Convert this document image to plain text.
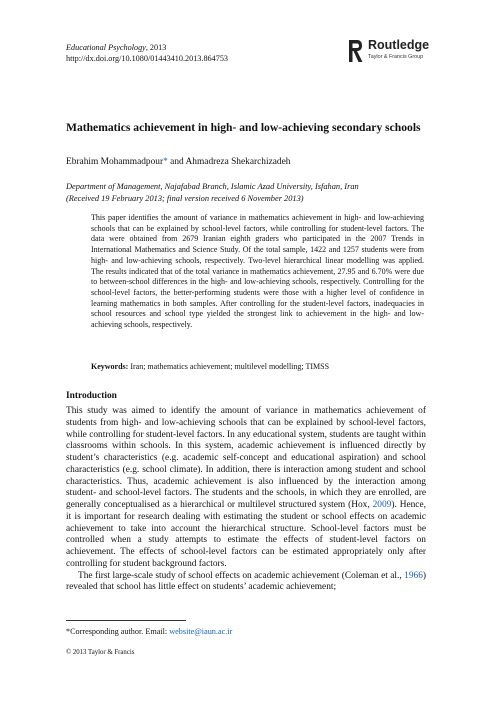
Educational Psychology, 2013
http://dx.doi.org/10.1080/01443410.2013.864753
Routledge
Taylor & Francis Group
Mathematics achievement in high- and low-achieving secondary schools
Ebrahim Mohammadpour* and Ahmadreza Shekarchizadeh
Department of Management, Najafabad Branch, Islamic Azad University, Isfahan, Iran
(Received 19 February 2013; final version received 6 November 2013)

This paper identifies the amount of variance in mathematics achievement in high- and low-achieving schools that can be explained by school-level factors, while controlling for student-level factors. The data were obtained from 2679 Iranian eighth graders who participated in the 2007 Trends in International Mathematics and Science Study. Of the total sample, 1422 and 1257 students were from high- and low-achieving schools, respectively. Two-level hierarchical linear modelling was applied. The results indicated that of the total variance in mathematics achievement, 27.95 and 6.70% were due to between-school differences in the high- and low-achieving schools, respectively. Controlling for the school-level factors, the better-performing students were those with a higher level of confidence in learning mathematics in both samples. After controlling for the student-level factors, inadequacies in school resources and school type yielded the strongest link to achievement in the high- and low-achieving schools, respectively.

Keywords: Iran; mathematics achievement; multilevel modelling; TIMSS
Introduction

This study was aimed to identify the amount of variance in mathematics achievement of students from high- and low-achieving schools that can be explained by school-level factors, while controlling for student-level factors. In any educational system, students are taught within classrooms within schools. In this system, academic achievement is influenced directly by student’s characteristics (e.g. academic self-concept and educational aspiration) and school characteristics (e.g. school climate). In addition, there is interaction among student and school characteristics. Thus, academic achievement is also influenced by the interaction among student- and school-level factors. The students and the schools, in which they are enrolled, are generally conceptualised as a hierarchical or multilevel structured system (Hox, 2009). Hence, it is important for research dealing with estimating the student or school effects on academic achievement to take into account the hierarchical structure. School-level factors must be controlled when a study attempts to estimate the effects of student-level factors on achievement. The effects of school-level factors can be estimated appropriately only after controlling for student background factors.

The first large-scale study of school effects on academic achievement (Coleman et al., 1966) revealed that school has little effect on students’ academic achievement;

*Corresponding author. Email: website@iaun.ac.ir
© 2013 Taylor & Francis
